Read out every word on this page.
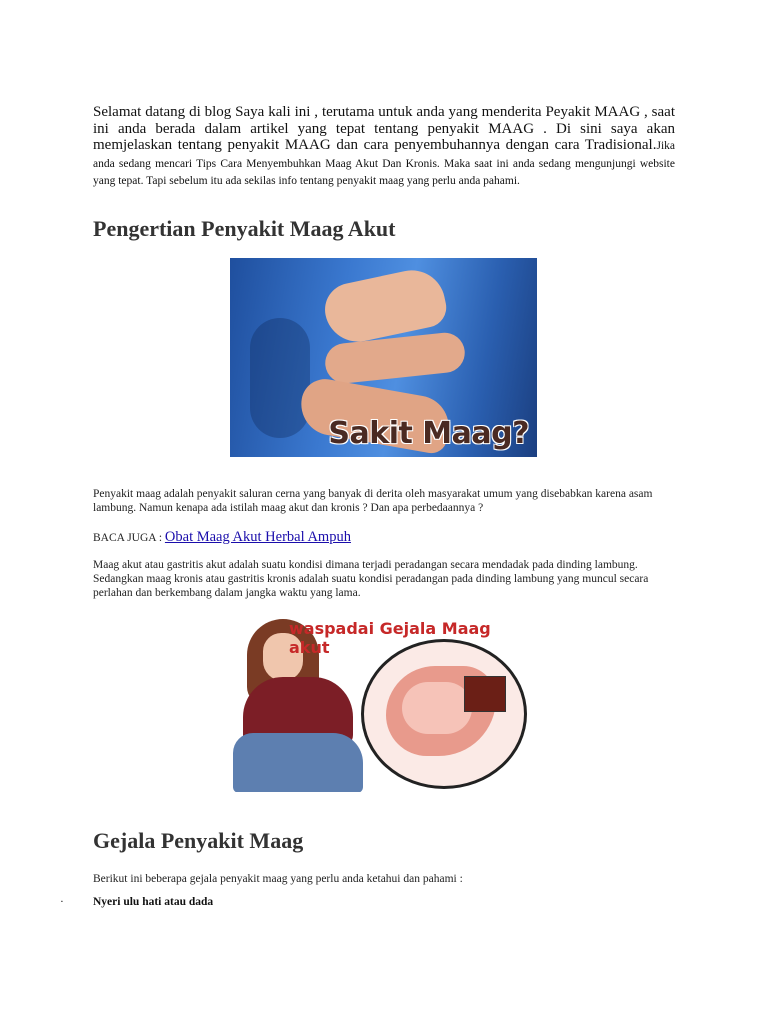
Selamat datang di blog Saya kali ini , terutama untuk anda yang menderita Peyakit MAAG , saat ini anda berada dalam artikel yang tepat tentang penyakit MAAG . Di sini saya akan memjelaskan tentang penyakit MAAG dan cara penyembuhannya dengan cara Tradisional.Jika anda sedang mencari Tips Cara Menyembuhkan Maag Akut Dan Kronis. Maka saat ini anda sedang mengunjungi website yang tepat. Tapi sebelum itu ada sekilas info tentang penyakit maag yang perlu anda pahami.

Pengertian Penyakit Maag Akut
Sakit Maag?

Penyakit maag adalah penyakit saluran cerna yang banyak di derita oleh masyarakat umum yang disebabkan karena asam lambung. Namun kenapa ada istilah maag akut dan kronis ? Dan apa perbedaannya ?

BACA JUGA : Obat Maag Akut Herbal Ampuh

Maag akut atau gastritis akut adalah suatu kondisi dimana terjadi peradangan secara mendadak pada dinding lambung. Sedangkan maag kronis atau gastritis kronis adalah suatu kondisi peradangan pada dinding lambung yang muncul secara perlahan dan berkembang dalam jangka waktu yang lama.

waspadai Gejala Maag akut
Gejala Penyakit Maag

Berikut ini beberapa gejala penyakit maag yang perlu anda ketahui dan pahami :

·	Nyeri ulu hati atau dada
